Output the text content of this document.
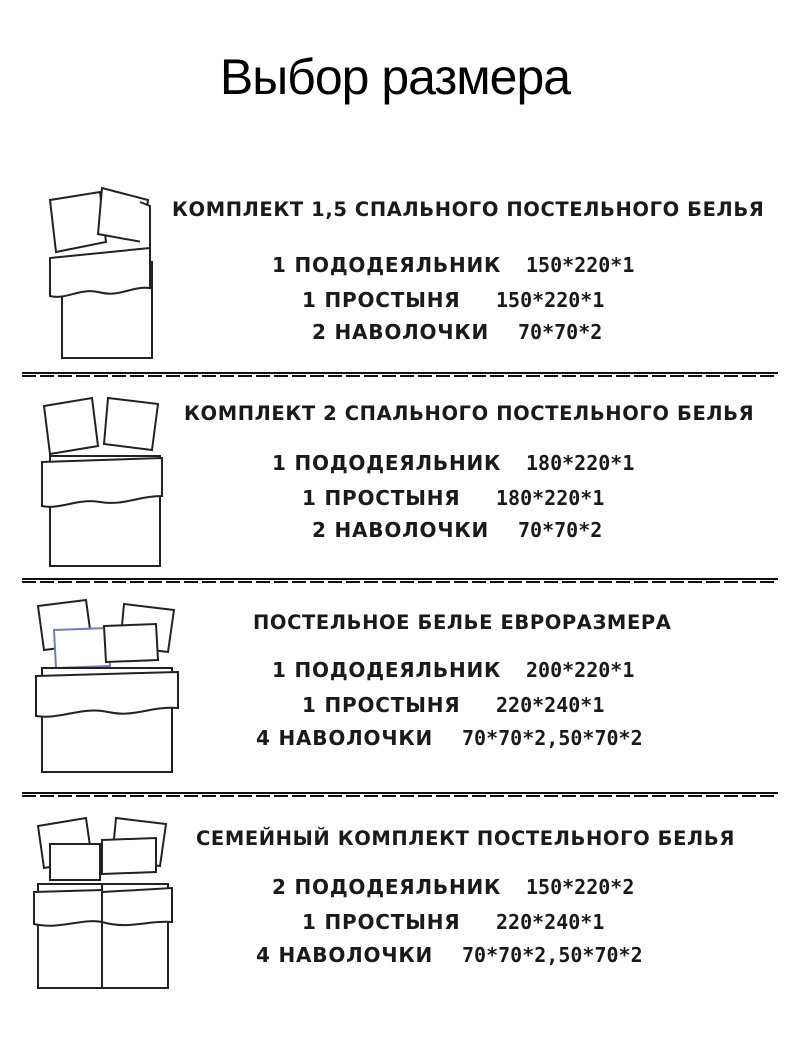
Выбор размера
КОМПЛЕКТ 1,5 СПАЛЬНОГО ПОСТЕЛЬНОГО БЕЛЬЯ
1 ПОДОДЕЯЛЬНИК 150*220*1
1 ПРОСТЫНЯ 150*220*1
2 НАВОЛОЧКИ 70*70*2
КОМПЛЕКТ 2 СПАЛЬНОГО ПОСТЕЛЬНОГО БЕЛЬЯ
1 ПОДОДЕЯЛЬНИК 180*220*1
1 ПРОСТЫНЯ 180*220*1
2 НАВОЛОЧКИ 70*70*2
ПОСТЕЛЬНОЕ БЕЛЬЕ ЕВРОРАЗМЕРА
1 ПОДОДЕЯЛЬНИК 200*220*1
1 ПРОСТЫНЯ 220*240*1
4 НАВОЛОЧКИ 70*70*2,50*70*2
СЕМЕЙНЫЙ КОМПЛЕКТ ПОСТЕЛЬНОГО БЕЛЬЯ
2 ПОДОДЕЯЛЬНИК 150*220*2
1 ПРОСТЫНЯ 220*240*1
4 НАВОЛОЧКИ 70*70*2,50*70*2
